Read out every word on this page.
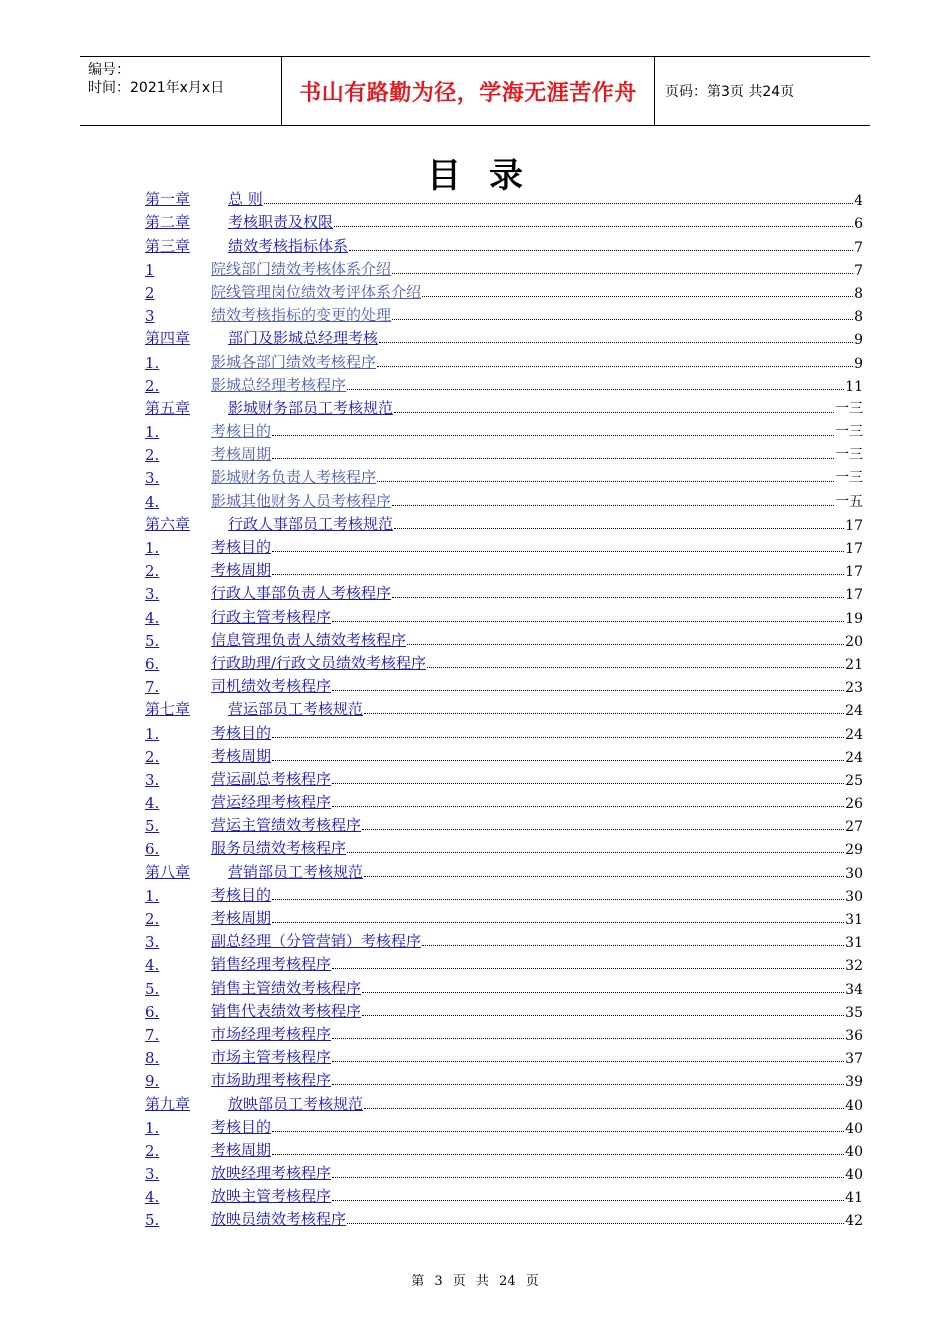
编号：
时间：2021年x月x日	书山有路勤为径，学海无涯苦作舟	页码：第3页 共24页
目录
第一章	总 则	4
第二章	考核职责及权限	6
第三章	绩效考核指标体系	7
1	院线部门绩效考核体系介绍	7
2	院线管理岗位绩效考评体系介绍	8
3	绩效考核指标的变更的处理	8
第四章	部门及影城总经理考核	9
1.	影城各部门绩效考核程序	9
2.	影城总经理考核程序	11
第五章	影城财务部员工考核规范	一三
1.	考核目的	一三
2.	考核周期	一三
3.	影城财务负责人考核程序	一三
4.	影城其他财务人员考核程序	一五
第六章	行政人事部员工考核规范	17
1.	考核目的	17
2.	考核周期	17
3.	行政人事部负责人考核程序	17
4.	行政主管考核程序	19
5.	信息管理负责人绩效考核程序	20
6.	行政助理/行政文员绩效考核程序	21
7.	司机绩效考核程序	23
第七章	营运部员工考核规范	24
1.	考核目的	24
2.	考核周期	24
3.	营运副总考核程序	25
4.	营运经理考核程序	26
5.	营运主管绩效考核程序	27
6.	服务员绩效考核程序	29
第八章	营销部员工考核规范	30
1.	考核目的	30
2.	考核周期	31
3.	副总经理（分管营销）考核程序	31
4.	销售经理考核程序	32
5.	销售主管绩效考核程序	34
6.	销售代表绩效考核程序	35
7.	市场经理考核程序	36
8.	市场主管考核程序	37
9.	市场助理考核程序	39
第九章	放映部员工考核规范	40
1.	考核目的	40
2.	考核周期	40
3.	放映经理考核程序	40
4.	放映主管考核程序	41
5.	放映员绩效考核程序	42
第 3 页 共 24 页
